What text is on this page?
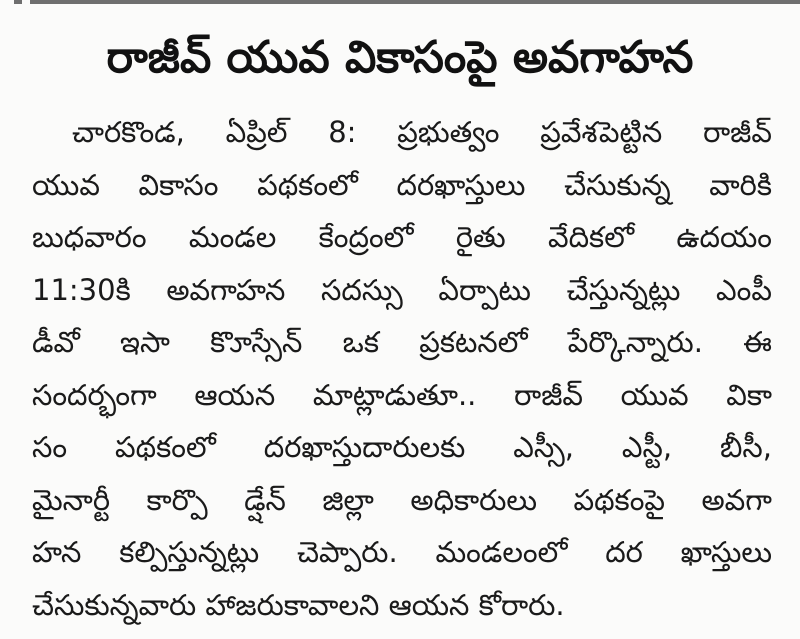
రాజీవ్ యువ వికాసంపై అవగాహన
చారకొండ, ఏప్రిల్ 8: ప్రభుత్వం ప్రవేశపెట్టిన రాజీవ్
యువ వికాసం పథకంలో దరఖాస్తులు చేసుకున్న వారికి
బుధవారం మండల కేంద్రంలో రైతు వేదికలో ఉదయం
11:30కి అవగాహన సదస్సు ఏర్పాటు చేస్తున్నట్లు ఎంపీ
డీవో ఇసా కొూస్సేన్ ఒక ప్రకటనలో పేర్కొన్నారు. ఈ
సందర్భంగా ఆయన మాట్లాడుతూ.. రాజీవ్ యువ వికా
సం పథకంలో దరఖాస్తుదారులకు ఎస్సీ, ఎస్టీ, బీసీ,
మైనార్టీ కార్పొ డ్షేన్ జిల్లా అధికారులు పథకంపై అవగా
హన కల్పిస్తున్నట్లు చెప్పారు. మండలంలో దర ఖాస్తులు
చేసుకున్నవారు హాజరుకావాలని ఆయన కోరారు.
